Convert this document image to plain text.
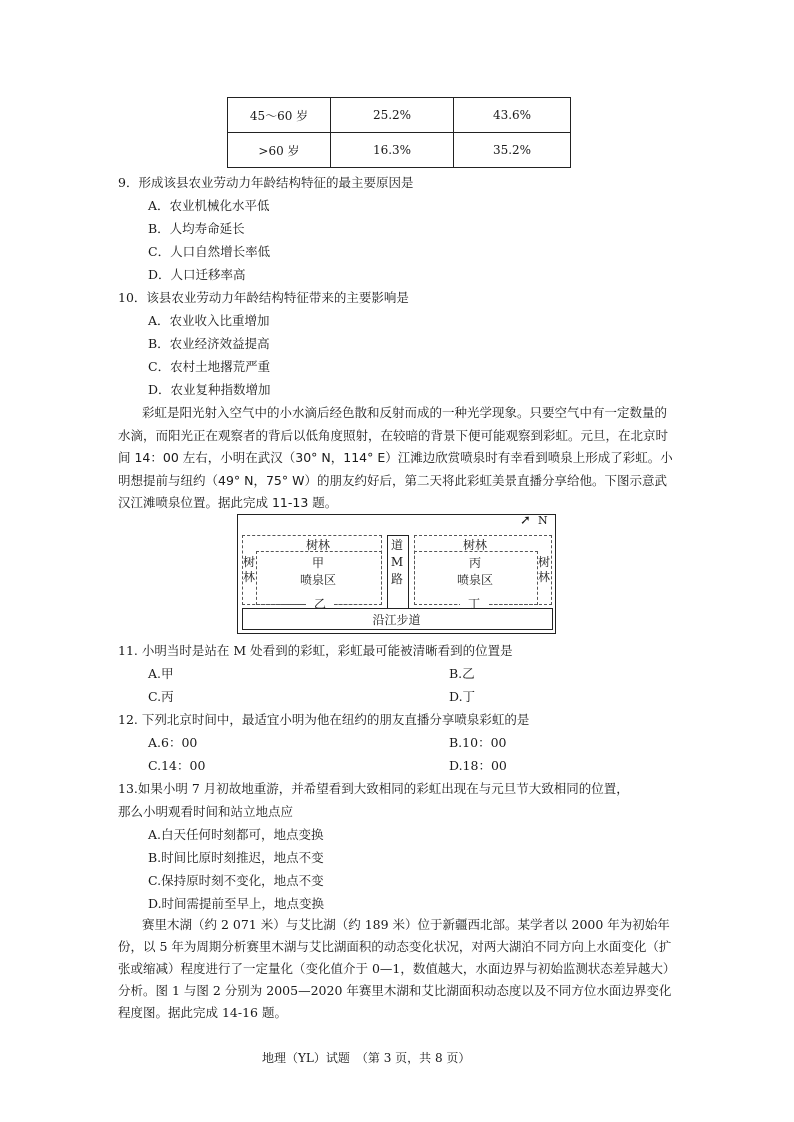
45～60 岁	25.2%	43.6%
>60 岁	16.3%	35.2%
9．形成该县农业劳动力年龄结构特征的最主要原因是
A．农业机械化水平低
B．人均寿命延长
C．人口自然增长率低
D．人口迁移率高
10．该县农业劳动力年龄结构特征带来的主要影响是
A．农业收入比重增加
B．农业经济效益提高
C．农村土地撂荒严重
D．农业复种指数增加
彩虹是阳光射入空气中的小水滴后经色散和反射而成的一种光学现象。只要空气中有一定数量的水滴，而阳光正在观察者的背后以低角度照射，在较暗的背景下便可能观察到彩虹。元旦，在北京时间 14：00 左右，小明在武汉（30° N，114° E）江滩边欣赏喷泉时有幸看到喷泉上形成了彩虹。小明想提前与纽约（49° N，75° W）的朋友约好后，第二天将此彩虹美景直播分享给他。下图示意武汉江滩喷泉位置。据此完成 11-13 题。
➚ N
树林
树林
甲
喷泉区
乙
道M路
树林
树林
丙
喷泉区
丁
沿江步道
11. 小明当时是站在 M 处看到的彩虹，彩虹最可能被清晰看到的位置是
A.甲	B.乙
C.丙	D.丁
12. 下列北京时间中，最适宜小明为他在纽约的朋友直播分享喷泉彩虹的是
A.6：00	B.10：00
C.14：00	D.18：00
13.如果小明 7 月初故地重游，并希望看到大致相同的彩虹出现在与元旦节大致相同的位置，
那么小明观看时间和站立地点应
A.白天任何时刻都可，地点变换
B.时间比原时刻推迟，地点不变
C.保持原时刻不变化，地点不变
D.时间需提前至早上，地点变换
赛里木湖（约 2 071 米）与艾比湖（约 189 米）位于新疆西北部。某学者以 2000 年为初始年份，以 5 年为周期分析赛里木湖与艾比湖面积的动态变化状况，对两大湖泊不同方向上水面变化（扩张或缩减）程度进行了一定量化（变化值介于 0—1，数值越大，水面边界与初始监测状态差异越大）分析。图 1 与图 2 分别为 2005—2020 年赛里木湖和艾比湖面积动态度以及不同方位水面边界变化程度图。据此完成 14-16 题。
地理（YL）试题　（第 3 页，共 8 页）
